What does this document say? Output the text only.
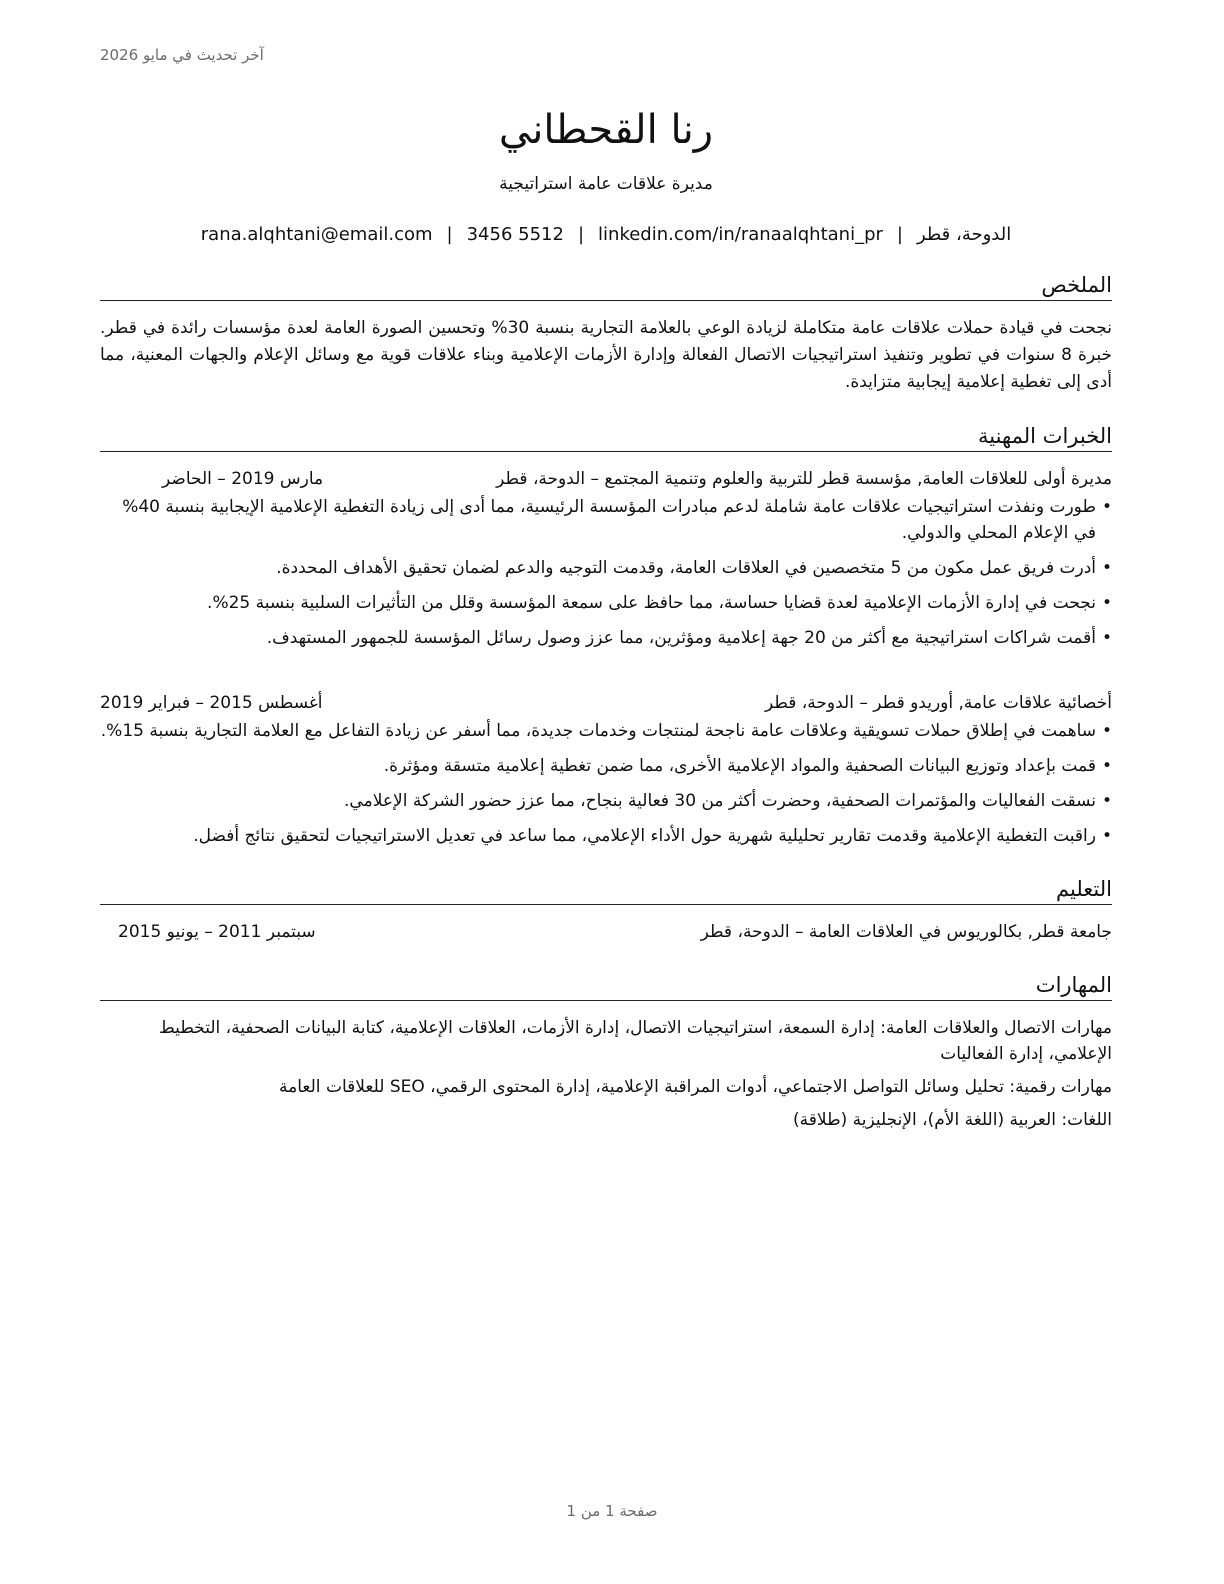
آخر تحديث في مايو 2026
رنا القحطاني
مديرة علاقات عامة استراتيجية
الدوحة، قطر|rana.alqhtani@email.com | 3456 5512 | linkedin.com/in/ranaalqhtani_pr
الملخص
نجحت في قيادة حملات علاقات عامة متكاملة لزيادة الوعي بالعلامة التجارية بنسبة 30% وتحسين الصورة العامة لعدة مؤسسات رائدة في قطر. خبرة 8 سنوات في تطوير وتنفيذ استراتيجيات الاتصال الفعالة وإدارة الأزمات الإعلامية وبناء علاقات قوية مع وسائل الإعلام والجهات المعنية، مما أدى إلى تغطية إعلامية إيجابية متزايدة.
الخبرات المهنية
مديرة أولى للعلاقات العامة, مؤسسة قطر للتربية والعلوم وتنمية المجتمع – الدوحة، قطر
مارس 2019 – الحاضر
• طورت ونفذت استراتيجيات علاقات عامة شاملة لدعم مبادرات المؤسسة الرئيسية، مما أدى إلى زيادة التغطية الإعلامية الإيجابية بنسبة 40% في الإعلام المحلي والدولي.
• أدرت فريق عمل مكون من 5 متخصصين في العلاقات العامة، وقدمت التوجيه والدعم لضمان تحقيق الأهداف المحددة.
• نجحت في إدارة الأزمات الإعلامية لعدة قضايا حساسة، مما حافظ على سمعة المؤسسة وقلل من التأثيرات السلبية بنسبة 25%.
• أقمت شراكات استراتيجية مع أكثر من 20 جهة إعلامية ومؤثرين، مما عزز وصول رسائل المؤسسة للجمهور المستهدف.
أخصائية علاقات عامة, أوريدو قطر – الدوحة، قطر
أغسطس 2015 – فبراير 2019
• ساهمت في إطلاق حملات تسويقية وعلاقات عامة ناجحة لمنتجات وخدمات جديدة، مما أسفر عن زيادة التفاعل مع العلامة التجارية بنسبة 15%.
• قمت بإعداد وتوزيع البيانات الصحفية والمواد الإعلامية الأخرى، مما ضمن تغطية إعلامية متسقة ومؤثرة.
• نسقت الفعاليات والمؤتمرات الصحفية، وحضرت أكثر من 30 فعالية بنجاح، مما عزز حضور الشركة الإعلامي.
• راقبت التغطية الإعلامية وقدمت تقارير تحليلية شهرية حول الأداء الإعلامي، مما ساعد في تعديل الاستراتيجيات لتحقيق نتائج أفضل.
التعليم
جامعة قطر, بكالوريوس في العلاقات العامة – الدوحة، قطر
سبتمبر 2011 – يونيو 2015
المهارات
مهارات الاتصال والعلاقات العامة: إدارة السمعة، استراتيجيات الاتصال، إدارة الأزمات، العلاقات الإعلامية، كتابة البيانات الصحفية، التخطيط الإعلامي، إدارة الفعاليات
مهارات رقمية: تحليل وسائل التواصل الاجتماعي، أدوات المراقبة الإعلامية، إدارة المحتوى الرقمي، SEO للعلاقات العامة
اللغات: العربية (اللغة الأم)، الإنجليزية (طلاقة)
صفحة 1 من 1
